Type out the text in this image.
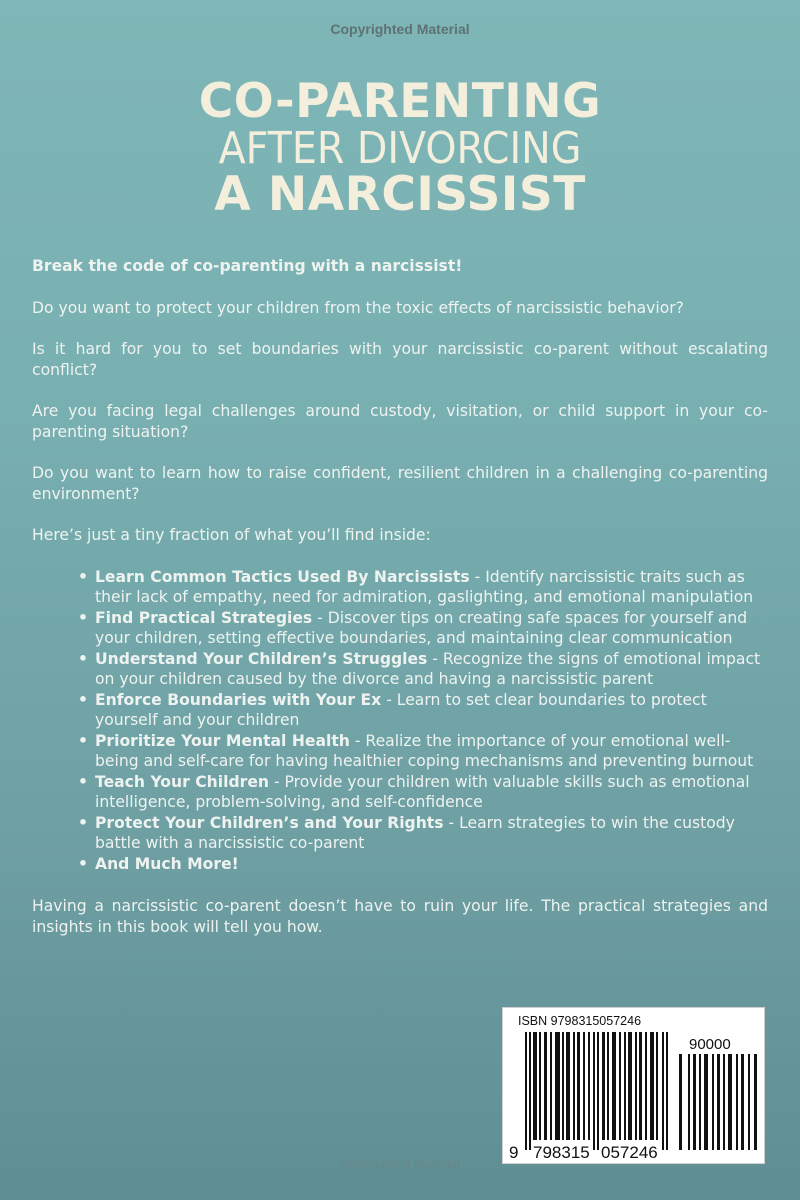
Copyrighted Material
CO-PARENTING
AFTER DIVORCING
A NARCISSIST

Break the code of co-parenting with a narcissist!

Do you want to protect your children from the toxic effects of narcissistic behavior?

Is it hard for you to set boundaries with your narcissistic co-parent without escalating conflict?

Are you facing legal challenges around custody, visitation, or child support in your co-parenting situation?

Do you want to learn how to raise confident, resilient children in a challenging co-parenting environment?

Here’s just a tiny fraction of what you’ll find inside:

• Learn Common Tactics Used By Narcissists - Identify narcissistic traits such as their lack of empathy, need for admiration, gaslighting, and emotional manipulation
• Find Practical Strategies - Discover tips on creating safe spaces for yourself and your children, setting effective boundaries, and maintaining clear communication
• Understand Your Children’s Struggles - Recognize the signs of emotional impact on your children caused by the divorce and having a narcissistic parent
• Enforce Boundaries with Your Ex - Learn to set clear boundaries to protect yourself and your children
• Prioritize Your Mental Health - Realize the importance of your emotional well-being and self-care for having healthier coping mechanisms and preventing burnout
• Teach Your Children - Provide your children with valuable skills such as emotional intelligence, problem-solving, and self-confidence
• Protect Your Children’s and Your Rights - Learn strategies to win the custody battle with a narcissistic co-parent
• And Much More!

Having a narcissistic co-parent doesn’t have to ruin your life. The practical strategies and insights in this book will tell you how.

ISBN 9798315057246
90000
9 798315 057246
Copyrighted Material
